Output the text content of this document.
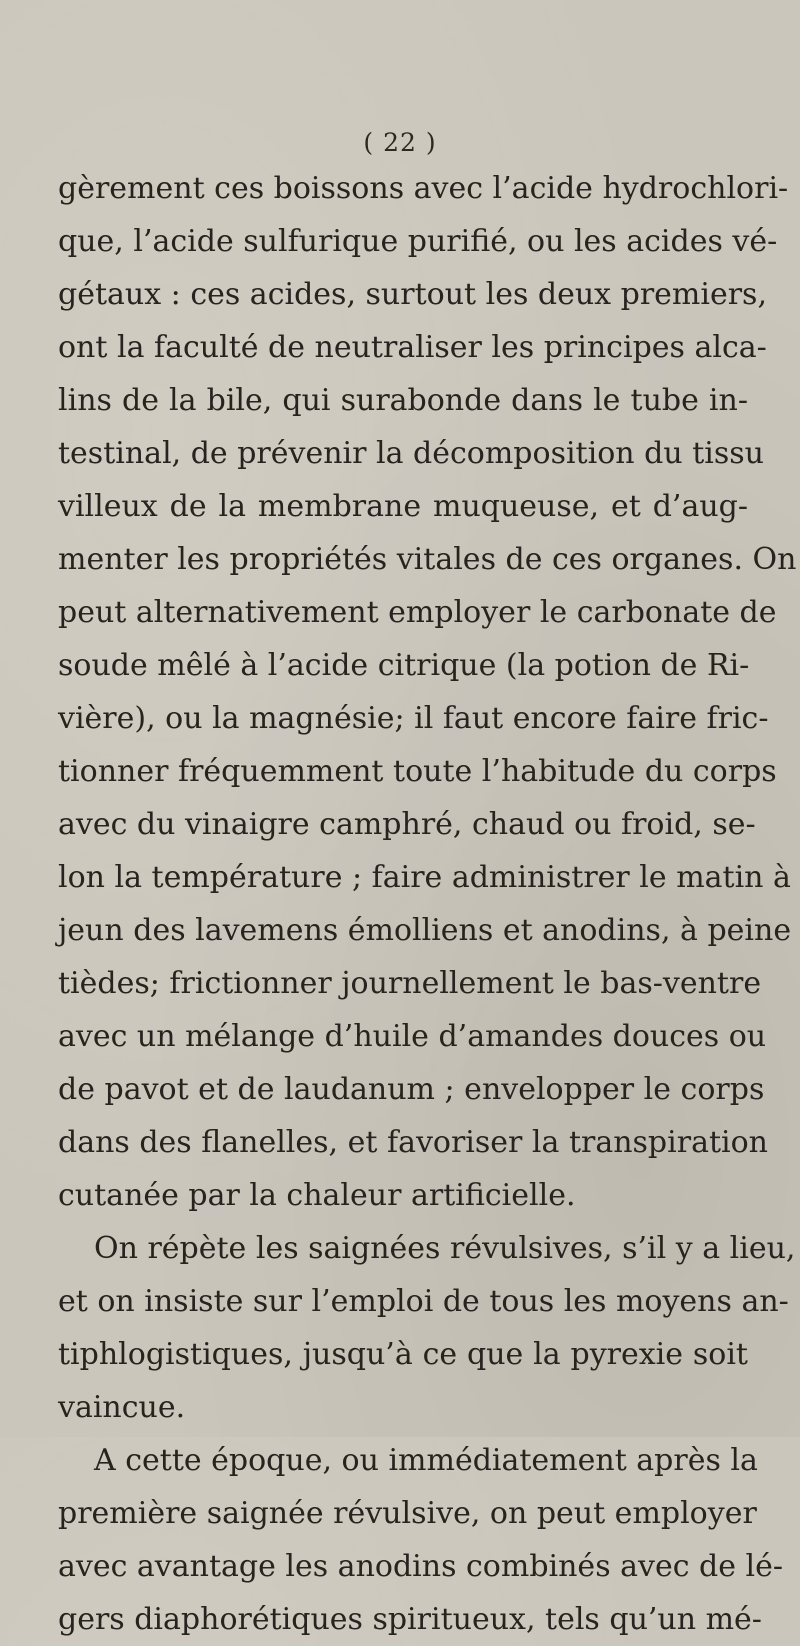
( 22 )
gèrement ces boissons avec l’acide hydrochlori-
que, l’acide sulfurique purifié, ou les acides vé-
gétaux : ces acides, surtout les deux premiers,
ont la faculté de neutraliser les principes alca-
lins de la bile, qui surabonde dans le tube in-
testinal, de prévenir la décomposition du tissu
villeux de la membrane muqueuse, et d’aug-
menter les propriétés vitales de ces organes. On
peut alternativement employer le carbonate de
soude mêlé à l’acide citrique (la potion de Ri-
vière), ou la magnésie; il faut encore faire fric-
tionner fréquemment toute l’habitude du corps
avec du vinaigre camphré, chaud ou froid, se-
lon la température ; faire administrer le matin à
jeun des lavemens émolliens et anodins, à peine
tièdes; frictionner journellement le bas-ventre
avec un mélange d’huile d’amandes douces ou
de pavot et de laudanum ; envelopper le corps
dans des flanelles, et favoriser la transpiration
cutanée par la chaleur artificielle.
On répète les saignées révulsives, s’il y a lieu,
et on insiste sur l’emploi de tous les moyens an-
tiphlogistiques, jusqu’à ce que la pyrexie soit
vaincue.
A cette époque, ou immédiatement après la
première saignée révulsive, on peut employer
avec avantage les anodins combinés avec de lé-
gers diaphorétiques spiritueux, tels qu’un mé-
